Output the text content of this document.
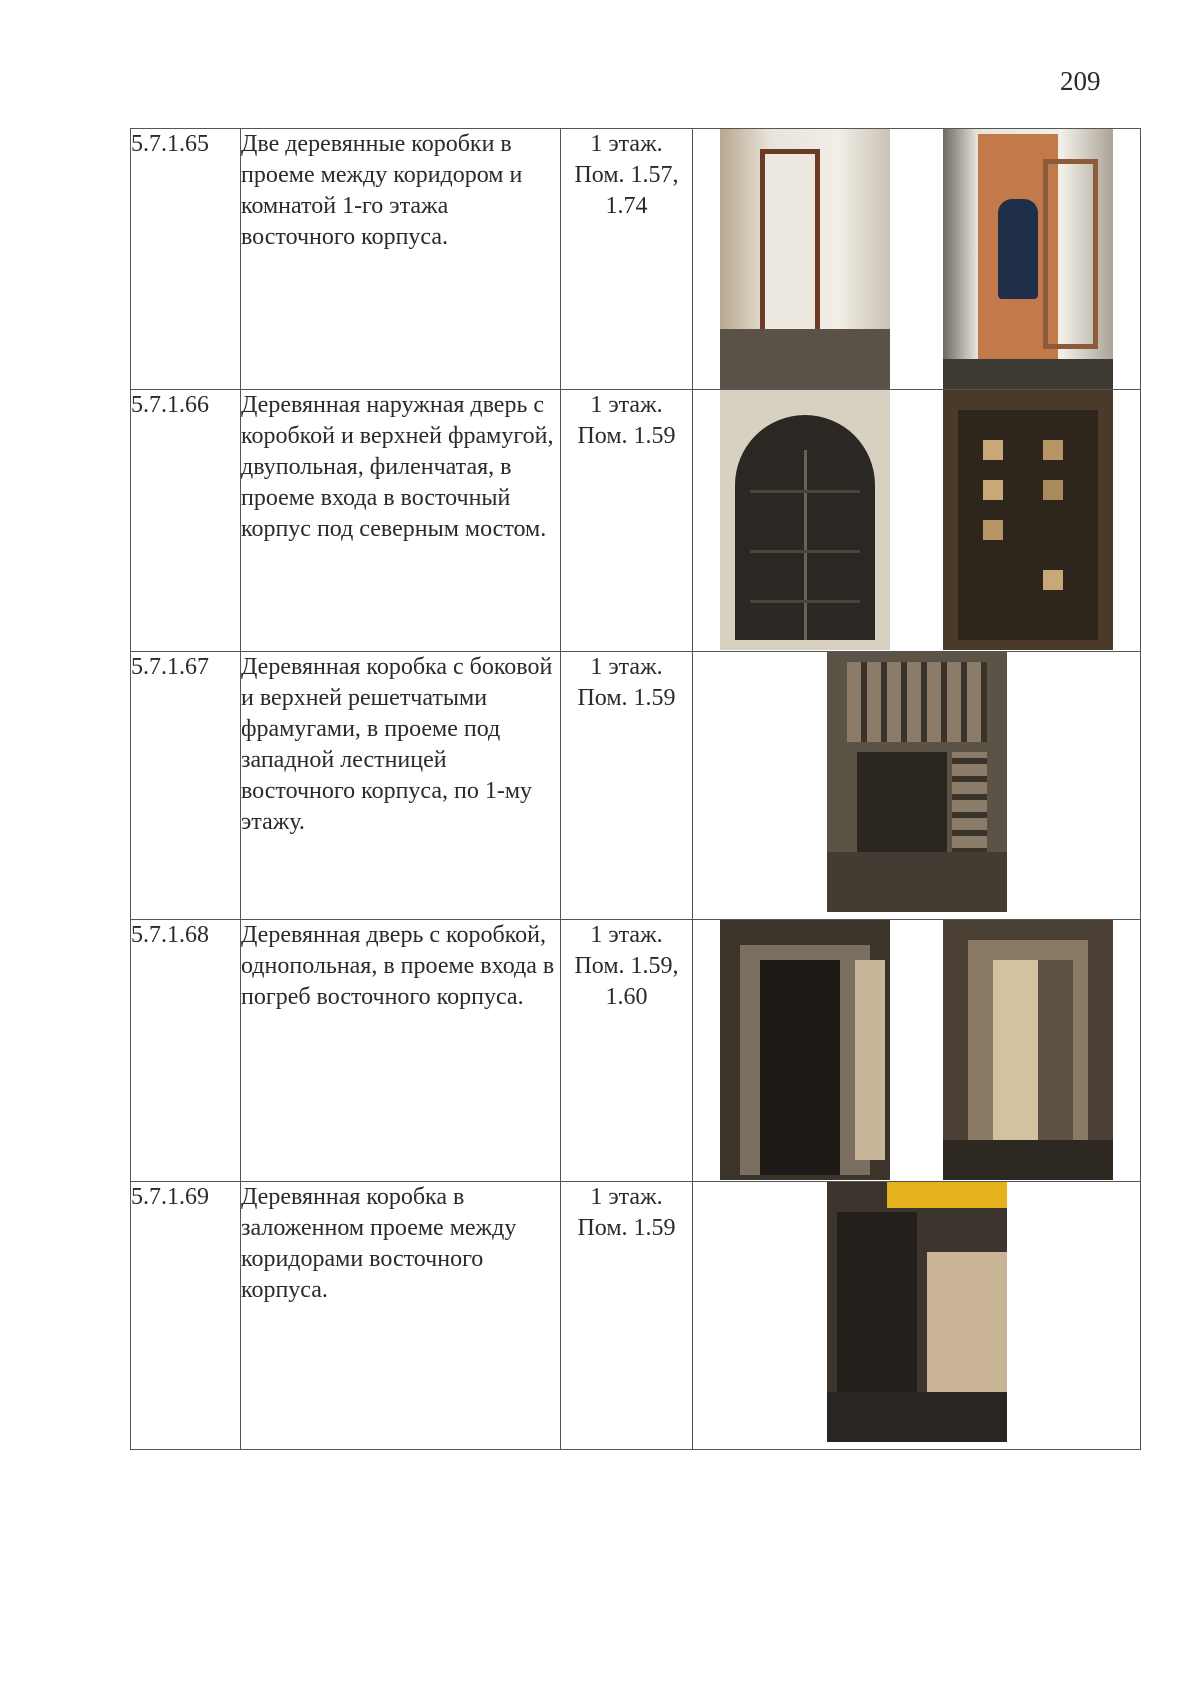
209
5.7.1.65	Две деревянные коробки в проеме между коридором и комнатой 1-го этажа восточного корпуса.	1 этаж.
Пом. 1.57,
1.74	

5.7.1.66	Деревянная наружная дверь с коробкой и верхней фрамугой, двупольная, филенчатая, в проеме входа в восточный корпус под северным мостом.	1 этаж.
Пом. 1.59	

5.7.1.67	Деревянная коробка с боковой и верхней решетчатыми фрамугами, в проеме под западной лестницей восточного корпуса, по 1-му этажу.	1 этаж.
Пом. 1.59	

5.7.1.68	Деревянная дверь с коробкой, однопольная, в проеме входа в погреб восточного корпуса.	1 этаж.
Пом. 1.59,
1.60	

5.7.1.69	Деревянная коробка в заложенном проеме между коридорами восточного корпуса.	1 этаж.
Пом. 1.59	
